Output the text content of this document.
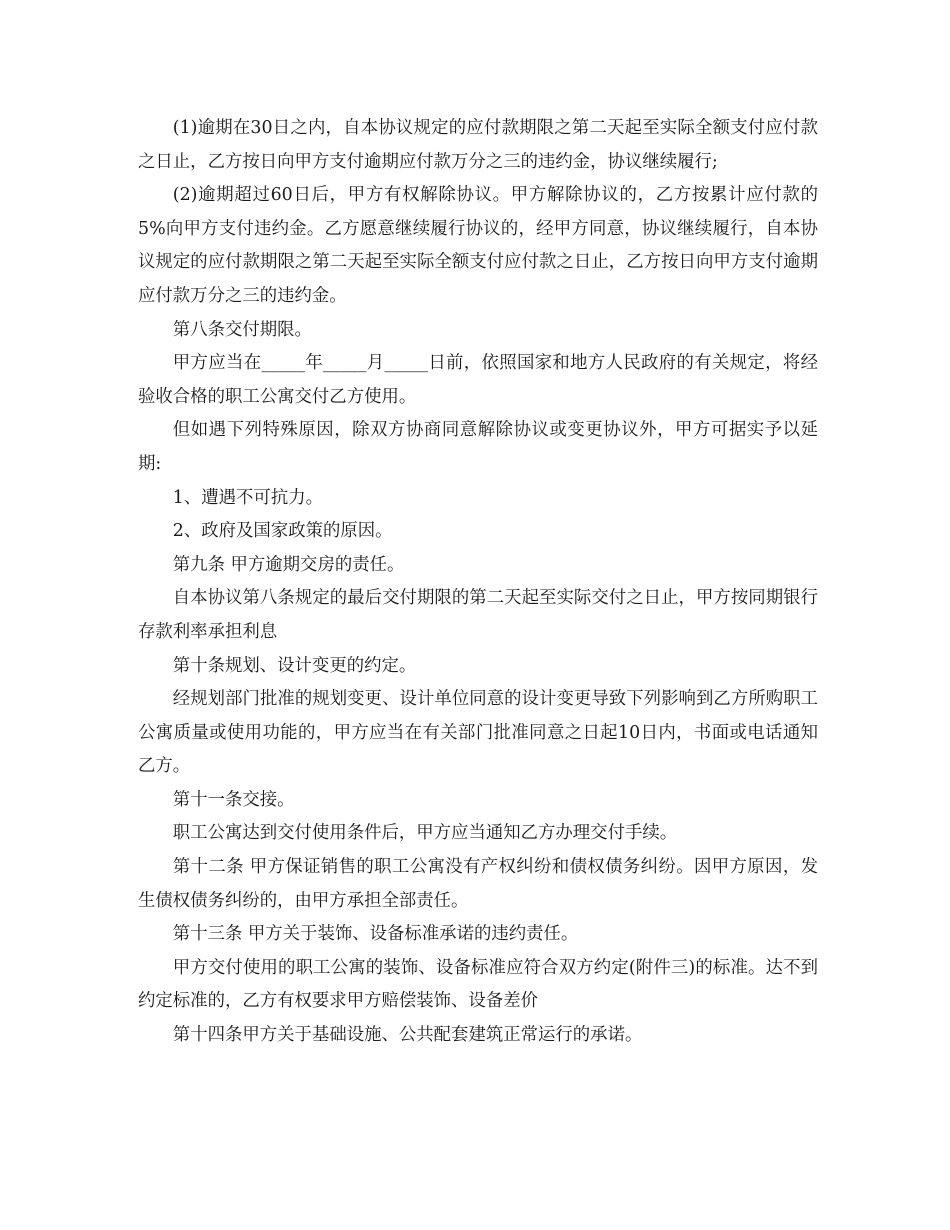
(1)逾期在30日之内，自本协议规定的应付款期限之第二天起至实际全额支付应付款之日止，乙方按日向甲方支付逾期应付款万分之三的违约金，协议继续履行;

(2)逾期超过60日后，甲方有权解除协议。甲方解除协议的，乙方按累计应付款的5%向甲方支付违约金。乙方愿意继续履行协议的，经甲方同意，协议继续履行，自本协议规定的应付款期限之第二天起至实际全额支付应付款之日止，乙方按日向甲方支付逾期应付款万分之三的违约金。

第八条交付期限。

甲方应当在_____年_____月_____日前，依照国家和地方人民政府的有关规定，将经验收合格的职工公寓交付乙方使用。

但如遇下列特殊原因，除双方协商同意解除协议或变更协议外，甲方可据实予以延期:

1、遭遇不可抗力。

2、政府及国家政策的原因。

第九条 甲方逾期交房的责任。

自本协议第八条规定的最后交付期限的第二天起至实际交付之日止，甲方按同期银行存款利率承担利息

第十条规划、设计变更的约定。

经规划部门批准的规划变更、设计单位同意的设计变更导致下列影响到乙方所购职工公寓质量或使用功能的，甲方应当在有关部门批准同意之日起10日内，书面或电话通知乙方。

第十一条交接。

职工公寓达到交付使用条件后，甲方应当通知乙方办理交付手续。

第十二条 甲方保证销售的职工公寓没有产权纠纷和债权债务纠纷。因甲方原因，发生债权债务纠纷的，由甲方承担全部责任。

第十三条 甲方关于装饰、设备标准承诺的违约责任。

甲方交付使用的职工公寓的装饰、设备标准应符合双方约定(附件三)的标准。达不到约定标准的，乙方有权要求甲方赔偿装饰、设备差价

第十四条甲方关于基础设施、公共配套建筑正常运行的承诺。
